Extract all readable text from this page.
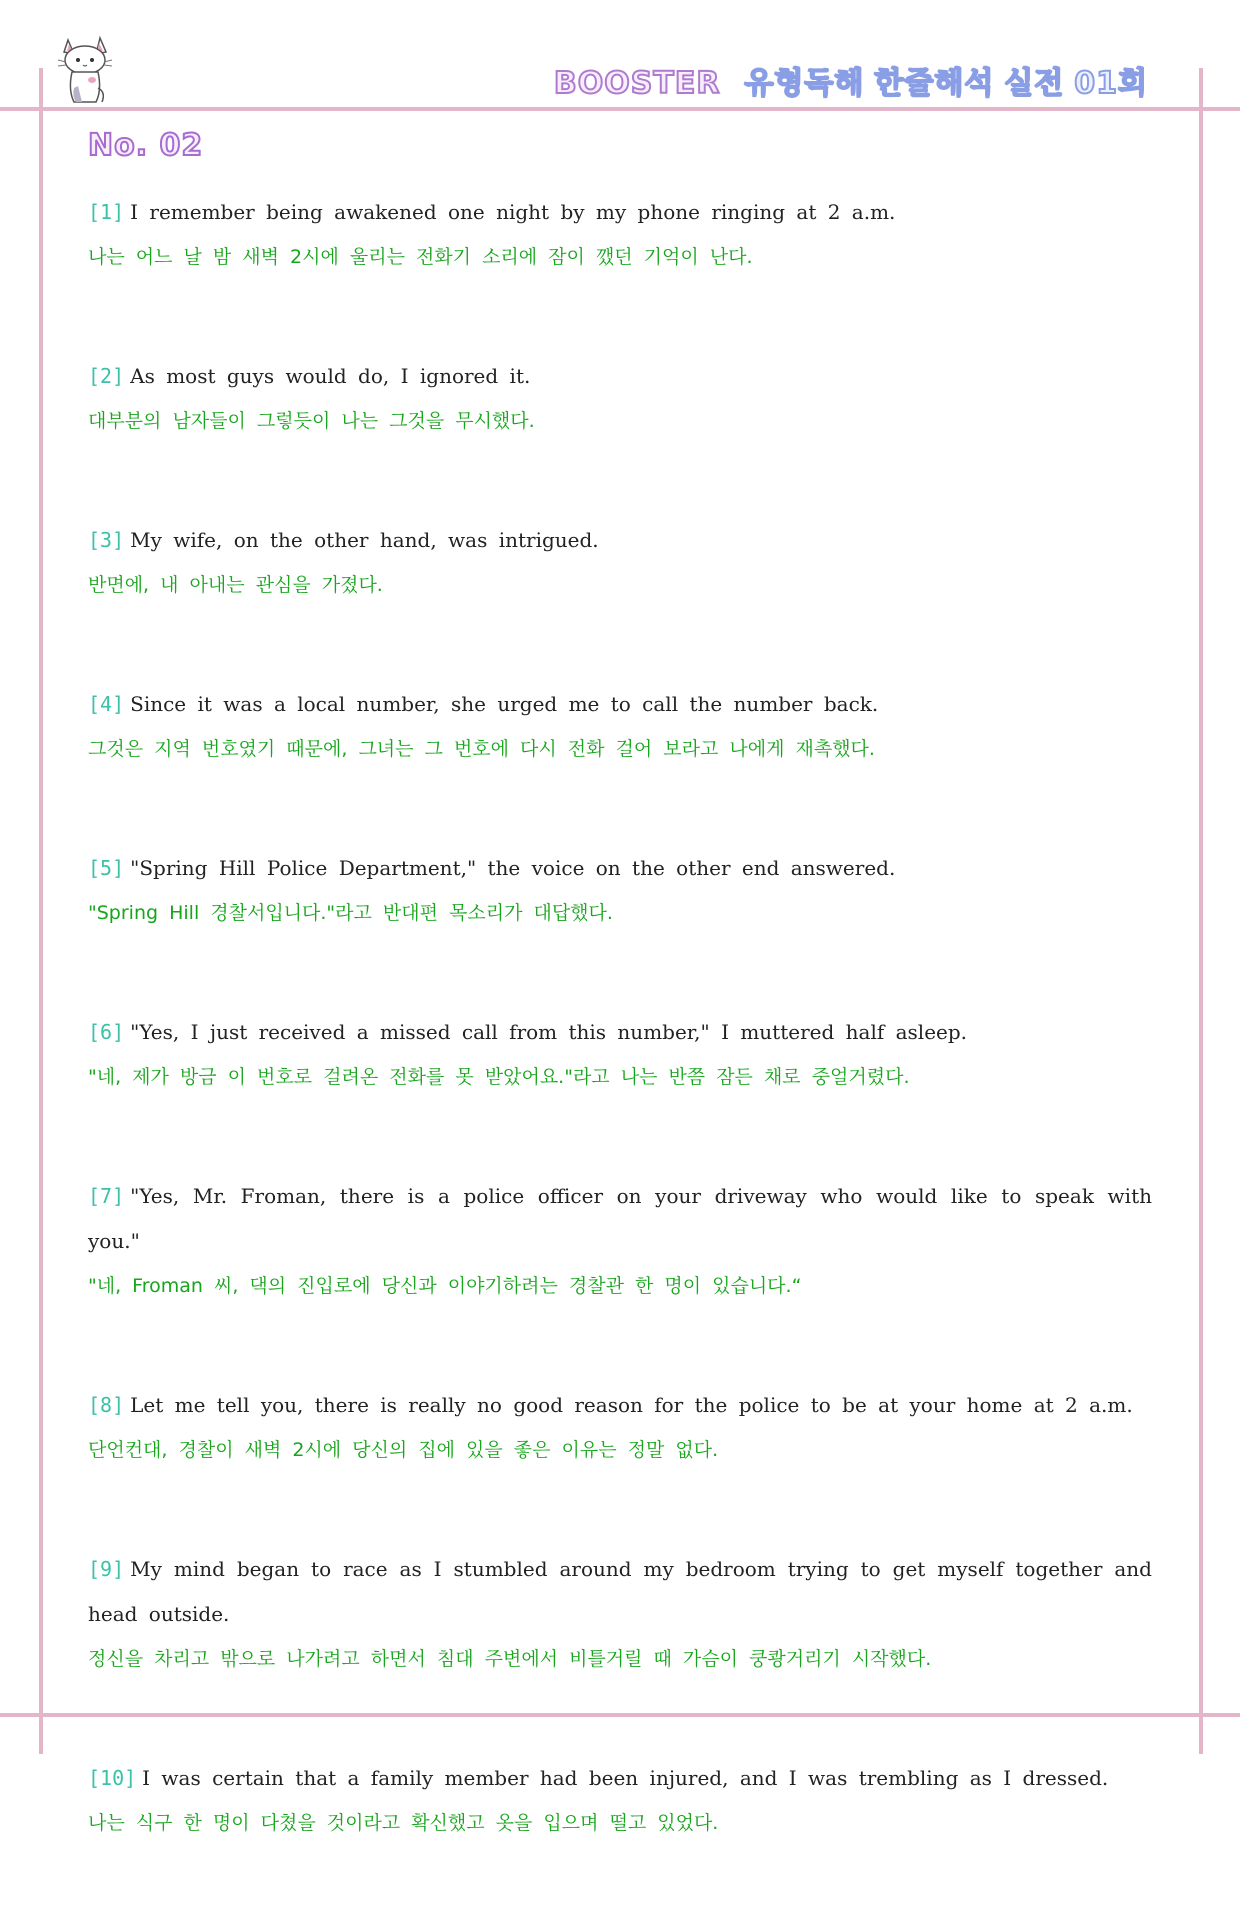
BOOSTER 유형독해 한줄해석 실전 01회
No. 02
[1] I remember being awakened one night by my phone ringing at 2 a.m.
나는 어느 날 밤 새벽 2시에 울리는 전화기 소리에 잠이 깼던 기억이 난다.
[2] As most guys would do, I ignored it.
대부분의 남자들이 그렇듯이 나는 그것을 무시했다.
[3] My wife, on the other hand, was intrigued.
반면에, 내 아내는 관심을 가졌다.
[4] Since it was a local number, she urged me to call the number back.
그것은 지역 번호였기 때문에, 그녀는 그 번호에 다시 전화 걸어 보라고 나에게 재촉했다.
[5] "Spring Hill Police Department," the voice on the other end answered.
"Spring Hill 경찰서입니다."라고 반대편 목소리가 대답했다.
[6] "Yes, I just received a missed call from this number," I muttered half asleep.
"네, 제가 방금 이 번호로 걸려온 전화를 못 받았어요."라고 나는 반쯤 잠든 채로 중얼거렸다.
[7] "Yes, Mr. Froman, there is a police officer on your driveway who would like to speak with you."
"네, Froman 씨, 댁의 진입로에 당신과 이야기하려는 경찰관 한 명이 있습니다.“
[8] Let me tell you, there is really no good reason for the police to be at your home at 2 a.m.
단언컨대, 경찰이 새벽 2시에 당신의 집에 있을 좋은 이유는 정말 없다.
[9] My mind began to race as I stumbled around my bedroom trying to get myself together and head outside.
정신을 차리고 밖으로 나가려고 하면서 침대 주변에서 비틀거릴 때 가슴이 쿵쾅거리기 시작했다.
[10] I was certain that a family member had been injured, and I was trembling as I dressed.
나는 식구 한 명이 다쳤을 것이라고 확신했고 옷을 입으며 떨고 있었다.
